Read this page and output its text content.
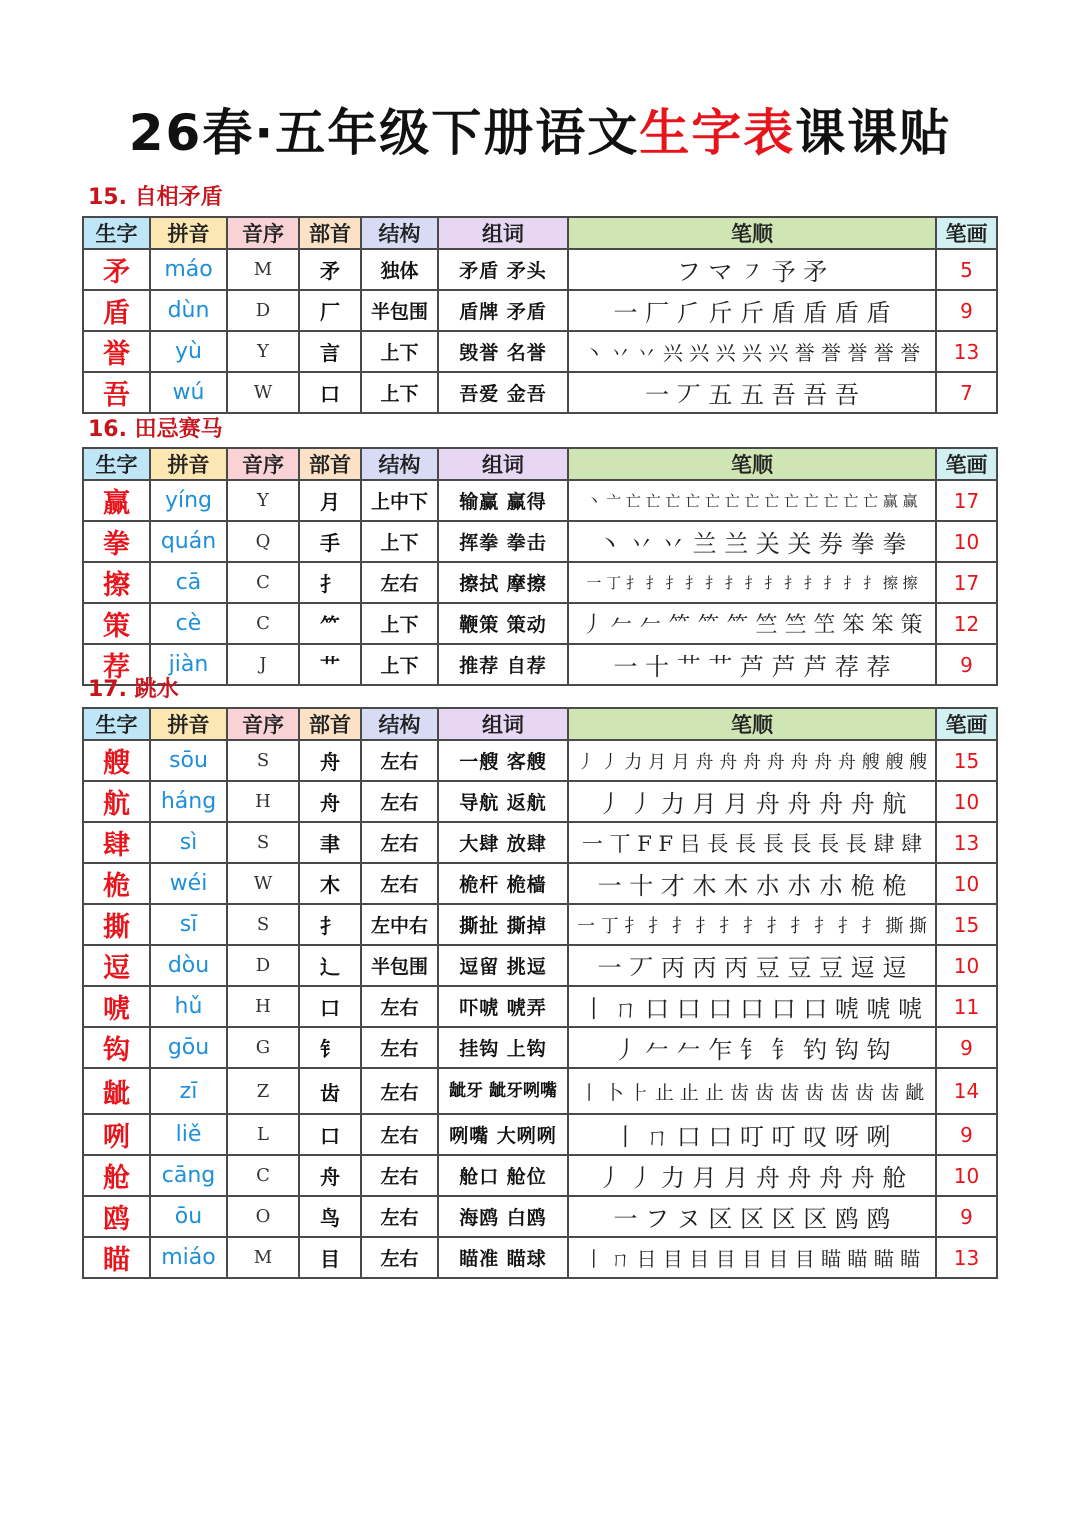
26春·五年级下册语文生字表课课贴
15. 自相矛盾
生字	拼音	音序	部首	结构	组词	笔顺	笔画
矛	máo	M	矛	独体	矛盾 矛头	フ マ ㇇ 予 矛	5
盾	dùn	D	厂	半包围	盾牌 矛盾	一 厂 ⺁ 斤 斤 盾 盾 盾 盾	9
誉	yù	Y	言	上下	毁誉 名誉	丶 丷 丷 兴 兴 兴 兴 兴 誉 誉 誉 誉 誉	13
吾	wú	W	口	上下	吾爱 金吾	一 丆 五 五 吾 吾 吾	7
16. 田忌赛马
生字	拼音	音序	部首	结构	组词	笔顺	笔画
赢	yíng	Y	月	上中下	输赢 赢得	丶 亠 亡 亡 亡 亡 亡 亡 亡 亡 亡 亡 亡 亡 亡 赢 赢	17
拳	quán	Q	手	上下	挥拳 拳击	丶 丷 丷 兰 兰 关 关 券 拳 拳	10
擦	cā	C	扌	左右	擦拭 摩擦	一 丁 扌 扌 扌 扌 扌 扌 扌 扌 扌 扌 扌 扌 扌 擦 擦	17
策	cè	C	⺮	上下	鞭策 策动	丿 𠂉 𠂉 ⺮ ⺮ ⺮ 竺 竺 笁 笨 笨 策	12
荐	jiàn	J	艹	上下	推荐 自荐	一 十 艹 艹 芦 芦 芦 荐 荐	9
17. 跳水
生字	拼音	音序	部首	结构	组词	笔顺	笔画
艘	sōu	S	舟	左右	一艘 客艘	丿 丿 力 月 月 舟 舟 舟 舟 舟 舟 舟 艘 艘 艘	15
航	háng	H	舟	左右	导航 返航	丿 丿 力 月 月 舟 舟 舟 舟 航	10
肆	sì	S	聿	左右	大肆 放肆	一 丅 F F 㠯 長 長 長 長 長 長 肆 肆	13
桅	wéi	W	木	左右	桅杆 桅樯	一 十 才 木 木 朩 朩 朩 桅 桅	10
撕	sī	S	扌	左中右	撕扯 撕掉	一 丁 扌 扌 扌 扌 扌 扌 扌 扌 扌 扌 扌 撕 撕	15
逗	dòu	D	辶	半包围	逗留 挑逗	一 丆 丙 丙 丙 豆 豆 豆 逗 逗	10
唬	hǔ	H	口	左右	吓唬 唬弄	丨 ㄇ 口 口 口 口 口 口 唬 唬 唬	11
钩	gōu	G	钅	左右	挂钩 上钩	丿 𠂉 𠂉 乍 钅 钅 钓 钩 钩	9
龇	zī	Z	齿	左右	龇牙 龇牙咧嘴	丨 卜 ⺊ 止 止 止 齿 齿 齿 齿 齿 齿 齿 龇	14
咧	liě	L	口	左右	咧嘴 大咧咧	丨 ㄇ 口 口 叮 叮 叹 呀 咧	9
舱	cāng	C	舟	左右	舱口 舱位	丿 丿 力 月 月 舟 舟 舟 舟 舱	10
鸥	ōu	O	鸟	左右	海鸥 白鸥	一 フ ヌ 区 区 区 区 鸥 鸥	9
瞄	miáo	M	目	左右	瞄准 瞄球	丨 ㄇ 日 目 目 目 目 目 目 瞄 瞄 瞄 瞄	13
